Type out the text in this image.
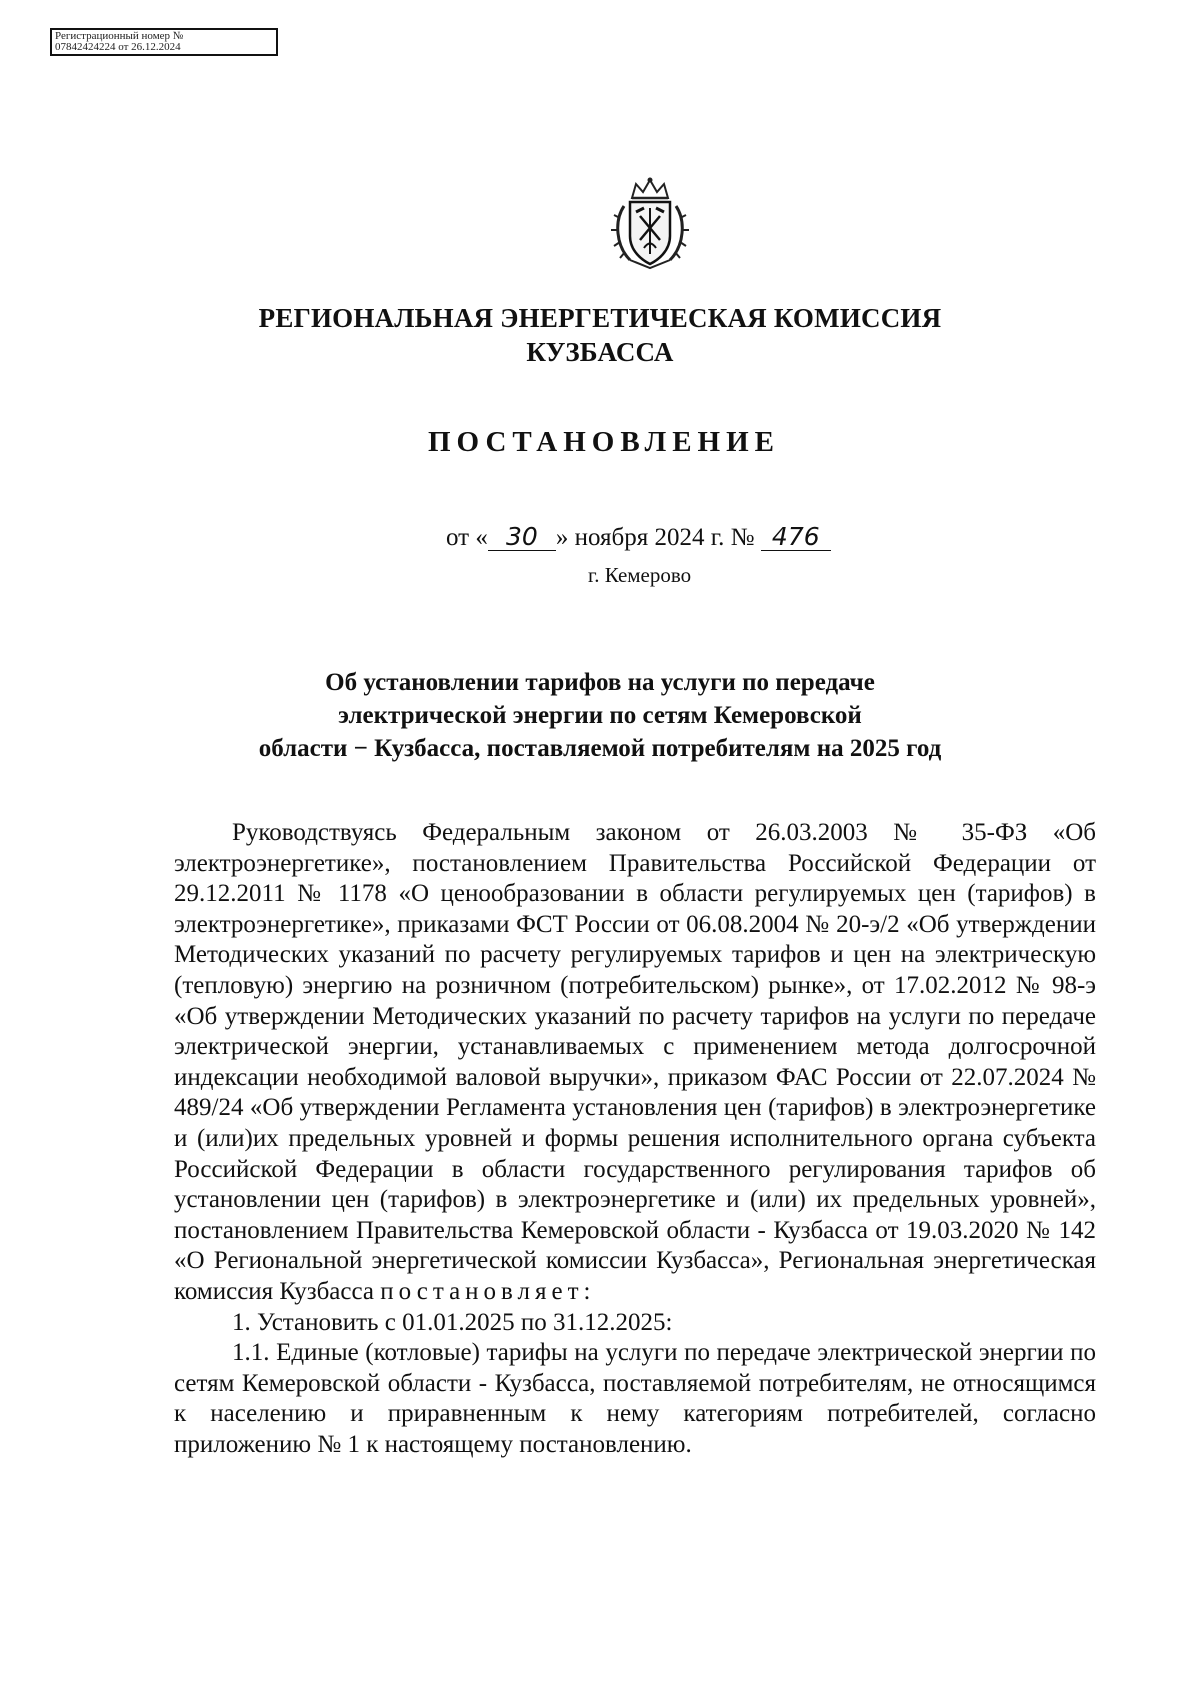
Регистрационный номер №
07842424224 от 26.12.2024
РЕГИОНАЛЬНАЯ ЭНЕРГЕТИЧЕСКАЯ КОМИССИЯ
КУЗБАССА
ПОСТАНОВЛЕНИЕ
от « 30 » ноября 2024 г. № 476
г. Кемерово
Об установлении тарифов на услуги по передаче
электрической энергии по сетям Кемеровской
области − Кузбасса, поставляемой потребителям на 2025 год

Руководствуясь Федеральным законом от 26.03.2003 № 35-ФЗ «Об электроэнергетике», постановлением Правительства Российской Федерации от 29.12.2011 № 1178 «О ценообразовании в области регулируемых цен (тарифов) в электроэнергетике», приказами ФСТ России от 06.08.2004 № 20-э/2 «Об утверждении Методических указаний по расчету регулируемых тарифов и цен на электрическую (тепловую) энергию на розничном (потребительском) рынке», от 17.02.2012 № 98-э «Об утверждении Методических указаний по расчету тарифов на услуги по передаче электрической энергии, устанавливаемых с применением метода долгосрочной индексации необходимой валовой выручки», приказом ФАС России от 22.07.2024 № 489/24 «Об утверждении Регламента установления цен (тарифов) в электроэнергетике и (или)их предельных уровней и формы решения исполнительного органа субъекта Российской Федерации в области государственного регулирования тарифов об установлении цен (тарифов) в электроэнергетике и (или) их предельных уровней», постановлением Правительства Кемеровской области - Кузбасса от 19.03.2020 № 142 «О Региональной энергетической комиссии Кузбасса», Региональная энергетическая комиссия Кузбасса постановляет:

1. Установить с 01.01.2025 по 31.12.2025:

1.1. Единые (котловые) тарифы на услуги по передаче электрической энергии по сетям Кемеровской области - Кузбасса, поставляемой потребителям, не относящимся к населению и приравненным к нему категориям потребителей, согласно приложению № 1 к настоящему постановлению.
